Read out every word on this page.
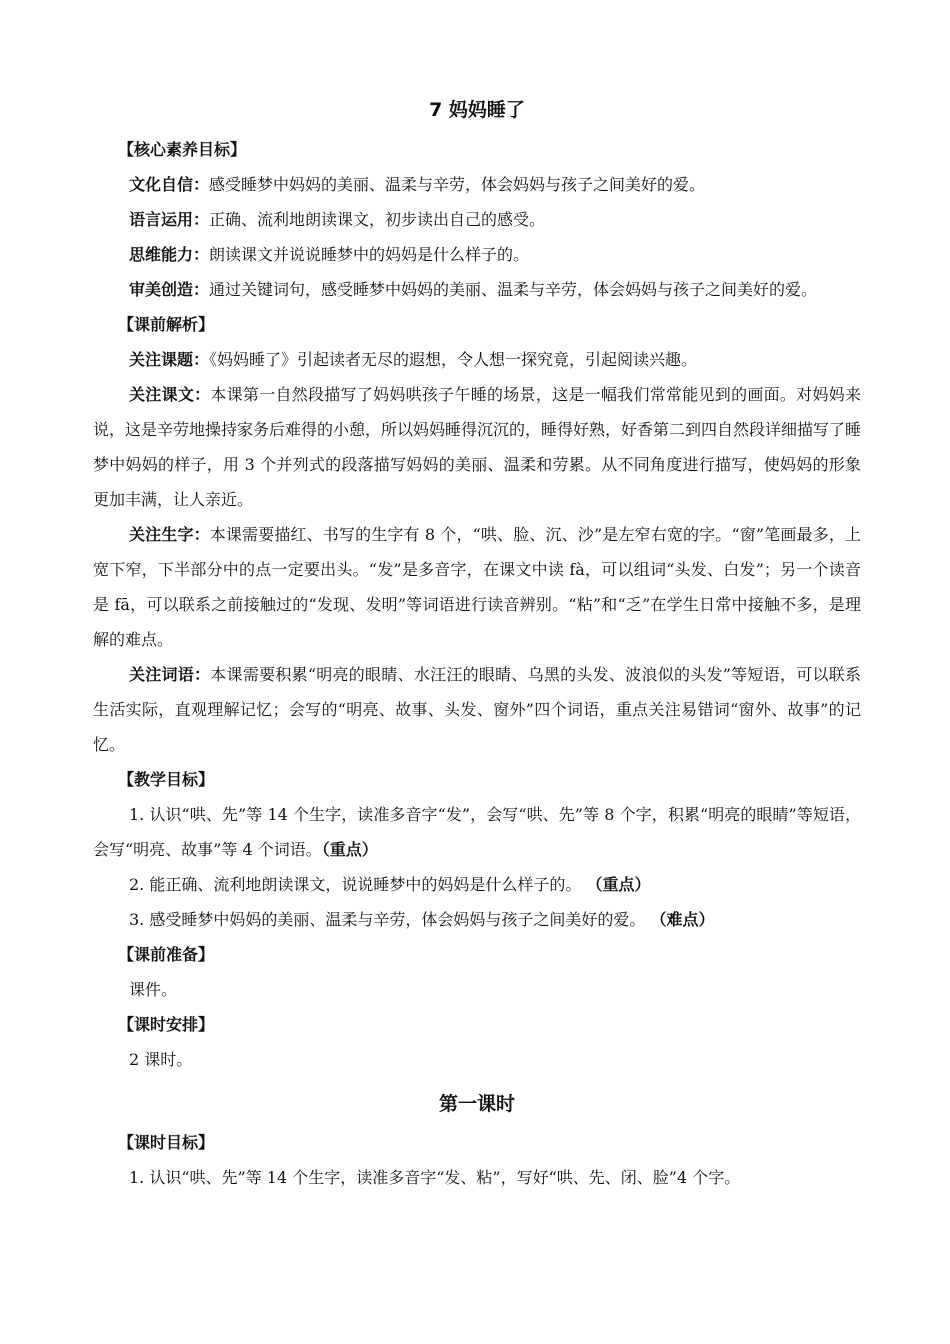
7 妈妈睡了
【核心素养目标】

文化自信：感受睡梦中妈妈的美丽、温柔与辛劳，体会妈妈与孩子之间美好的爱。

语言运用：正确、流利地朗读课文，初步读出自己的感受。

思维能力：朗读课文并说说睡梦中的妈妈是什么样子的。

审美创造：通过关键词句，感受睡梦中妈妈的美丽、温柔与辛劳，体会妈妈与孩子之间美好的爱。

【课前解析】

关注课题：《妈妈睡了》引起读者无尽的遐想，令人想一探究竟，引起阅读兴趣。

关注课文：本课第一自然段描写了妈妈哄孩子午睡的场景，这是一幅我们常常能见到的画面。对妈妈来说，这是辛劳地操持家务后难得的小憩，所以妈妈睡得沉沉的，睡得好熟，好香第二到四自然段详细描写了睡梦中妈妈的样子，用 3 个并列式的段落描写妈妈的美丽、温柔和劳累。从不同角度进行描写，使妈妈的形象更加丰满，让人亲近。

关注生字：本课需要描红、书写的生字有 8 个，“哄、脸、沉、沙”是左窄右宽的字。“窗”笔画最多，上宽下窄，下半部分中的点一定要出头。“发”是多音字，在课文中读 fà，可以组词“头发、白发”；另一个读音是 fā，可以联系之前接触过的“发现、发明”等词语进行读音辨别。“粘”和“乏”在学生日常中接触不多，是理解的难点。

关注词语：本课需要积累“明亮的眼睛、水汪汪的眼睛、乌黑的头发、波浪似的头发”等短语，可以联系生活实际，直观理解记忆；会写的“明亮、故事、头发、窗外”四个词语，重点关注易错词“窗外、故事”的记忆。

【教学目标】

1. 认识“哄、先”等 14 个生字，读准多音字“发”，会写“哄、先”等 8 个字，积累“明亮的眼睛”等短语，会写“明亮、故事”等 4 个词语。（重点）

2. 能正确、流利地朗读课文，说说睡梦中的妈妈是什么样子的。 （重点）

3. 感受睡梦中妈妈的美丽、温柔与辛劳，体会妈妈与孩子之间美好的爱。 （难点）

【课前准备】

课件。

【课时安排】

2 课时。

第一课时
【课时目标】

1. 认识“哄、先”等 14 个生字，读准多音字“发、粘”，写好“哄、先、闭、脸”4 个字。
